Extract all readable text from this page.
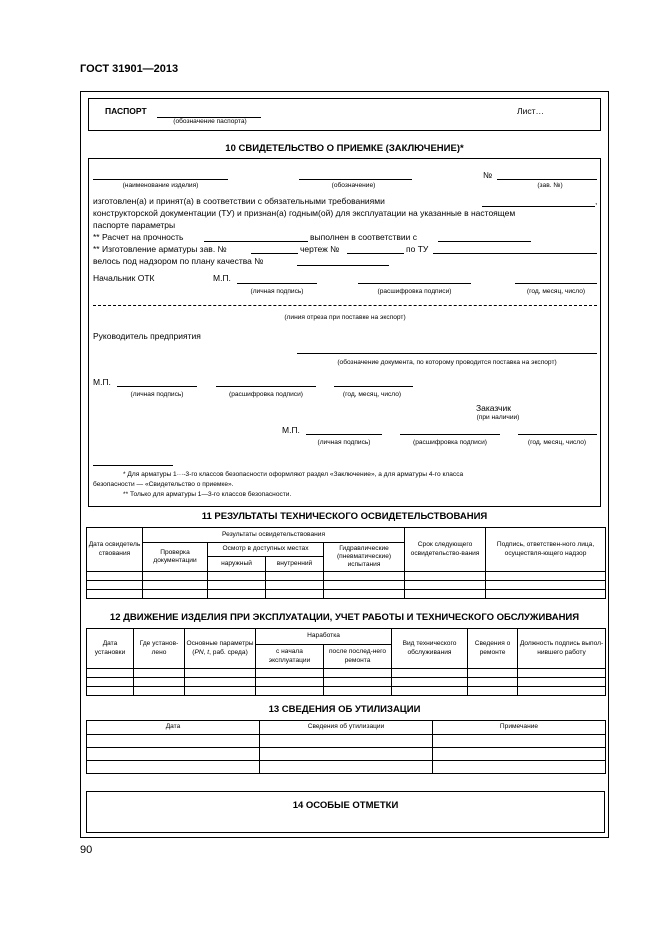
ГОСТ 31901—2013
ПАСПОРТ
(обозначение паспорта)
Лист…
10 СВИДЕТЕЛЬСТВО О ПРИЕМКЕ (ЗАКЛЮЧЕНИЕ)*
№
(наименование изделия)	(обозначение)	(зав. №)
изготовлен(а) и принят(а) в соответствии с обязательными требованиями	,
конструкторской документации (ТУ) и признан(а) годным(ой) для эксплуатации на указанные в настоящем
паспорте параметры
** Расчет на прочность	выполнен в соответствии с
** Изготовление арматуры зав. №	чертеж №	по ТУ
велось под надзором по плану качества №
Начальник ОТК	М.П.
(личная подпись)	(расшифровка подписи)	(год, месяц, число)
(линия отреза при поставке на экспорт)
Руководитель предприятия
(обозначение документа, по которому проводится поставка на экспорт)
М.П.
(личная подпись)	(расшифровка подписи)	(год, месяц, число)
Заказчик
(при наличии)
М.П.
(личная подпись)	(расшифровка подписи)	(год, месяц, число)
* Для арматуры 1···-3-го классов безопасности оформляют раздел «Заключение», а для арматуры 4-го класса
безопасности — «Свидетельство о приемке».
** Только для арматуры 1—3-го классов безопасности.
11 РЕЗУЛЬТАТЫ ТЕХНИЧЕСКОГО ОСВИДЕТЕЛЬСТВОВАНИЯ
Дата освидетель ствования	Результаты освидетельствования				Срок следующего освидетельство-вания	Подпись, ответствен-ного лица, осуществля-ющего надзор
	Проверка документации	Осмотр в доступных местах		Гидравлические (пневматические) испытания		
		наружный	внутренний			

12 ДВИЖЕНИЕ ИЗДЕЛИЯ ПРИ ЭКСПЛУАТАЦИИ, УЧЕТ РАБОТЫ И ТЕХНИЧЕСКОГО ОБСЛУЖИВАНИЯ
Дата установки	Где установ-лено	Основные параметры (PN, t, раб. среда)	Наработка		Вид технического обслуживания	Сведения о ремонте	Должность подпись выпол-нившего работу
			с начала эксплуатации	после послед-него ремонта			

13 СВЕДЕНИЯ ОБ УТИЛИЗАЦИИ
Дата	Сведения об утилизации	Примечание

14 ОСОБЫЕ ОТМЕТКИ
90
